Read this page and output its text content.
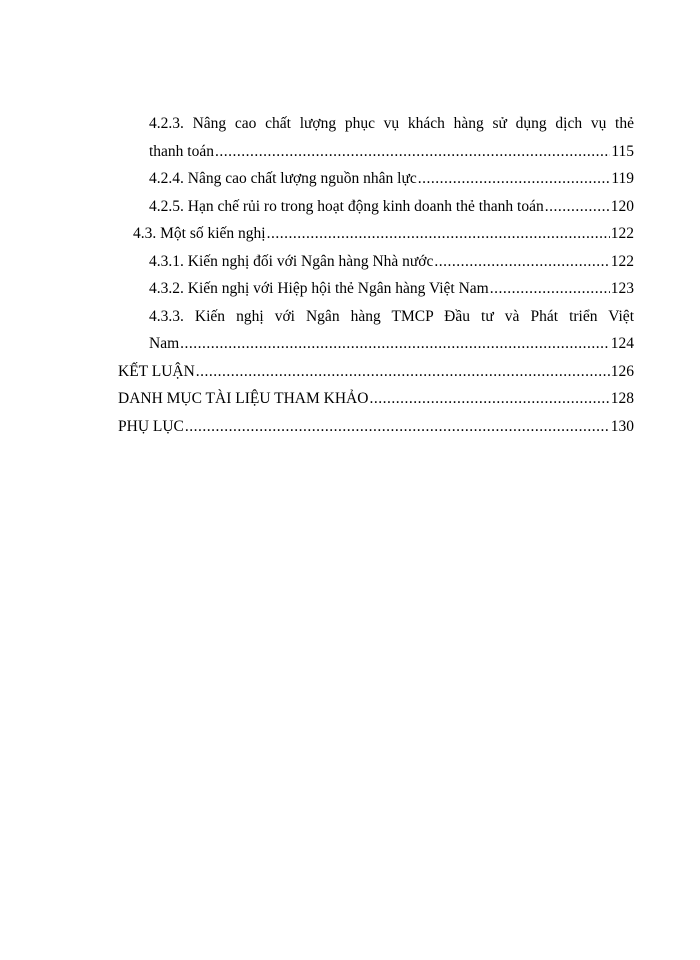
4.2.3. Nâng cao chất lượng phục vụ khách hàng sử dụng dịch vụ thẻ
thanh toán .....	115
4.2.4. Nâng cao chất lượng nguồn nhân lực .....	119
4.2.5. Hạn chế rủi ro trong hoạt động kinh doanh thẻ thanh toán .....	120
4.3. Một số kiến nghị .....	122
4.3.1. Kiến nghị đối với Ngân hàng Nhà nước .....	122
4.3.2. Kiến nghị với Hiệp hội thẻ Ngân hàng Việt Nam .....	123
4.3.3. Kiến nghị với Ngân hàng TMCP Đầu tư và Phát triển Việt
Nam .....	124
KẾT LUẬN .....	126
DANH MỤC TÀI LIỆU THAM KHẢO .....	128
PHỤ LỤC .....	130
